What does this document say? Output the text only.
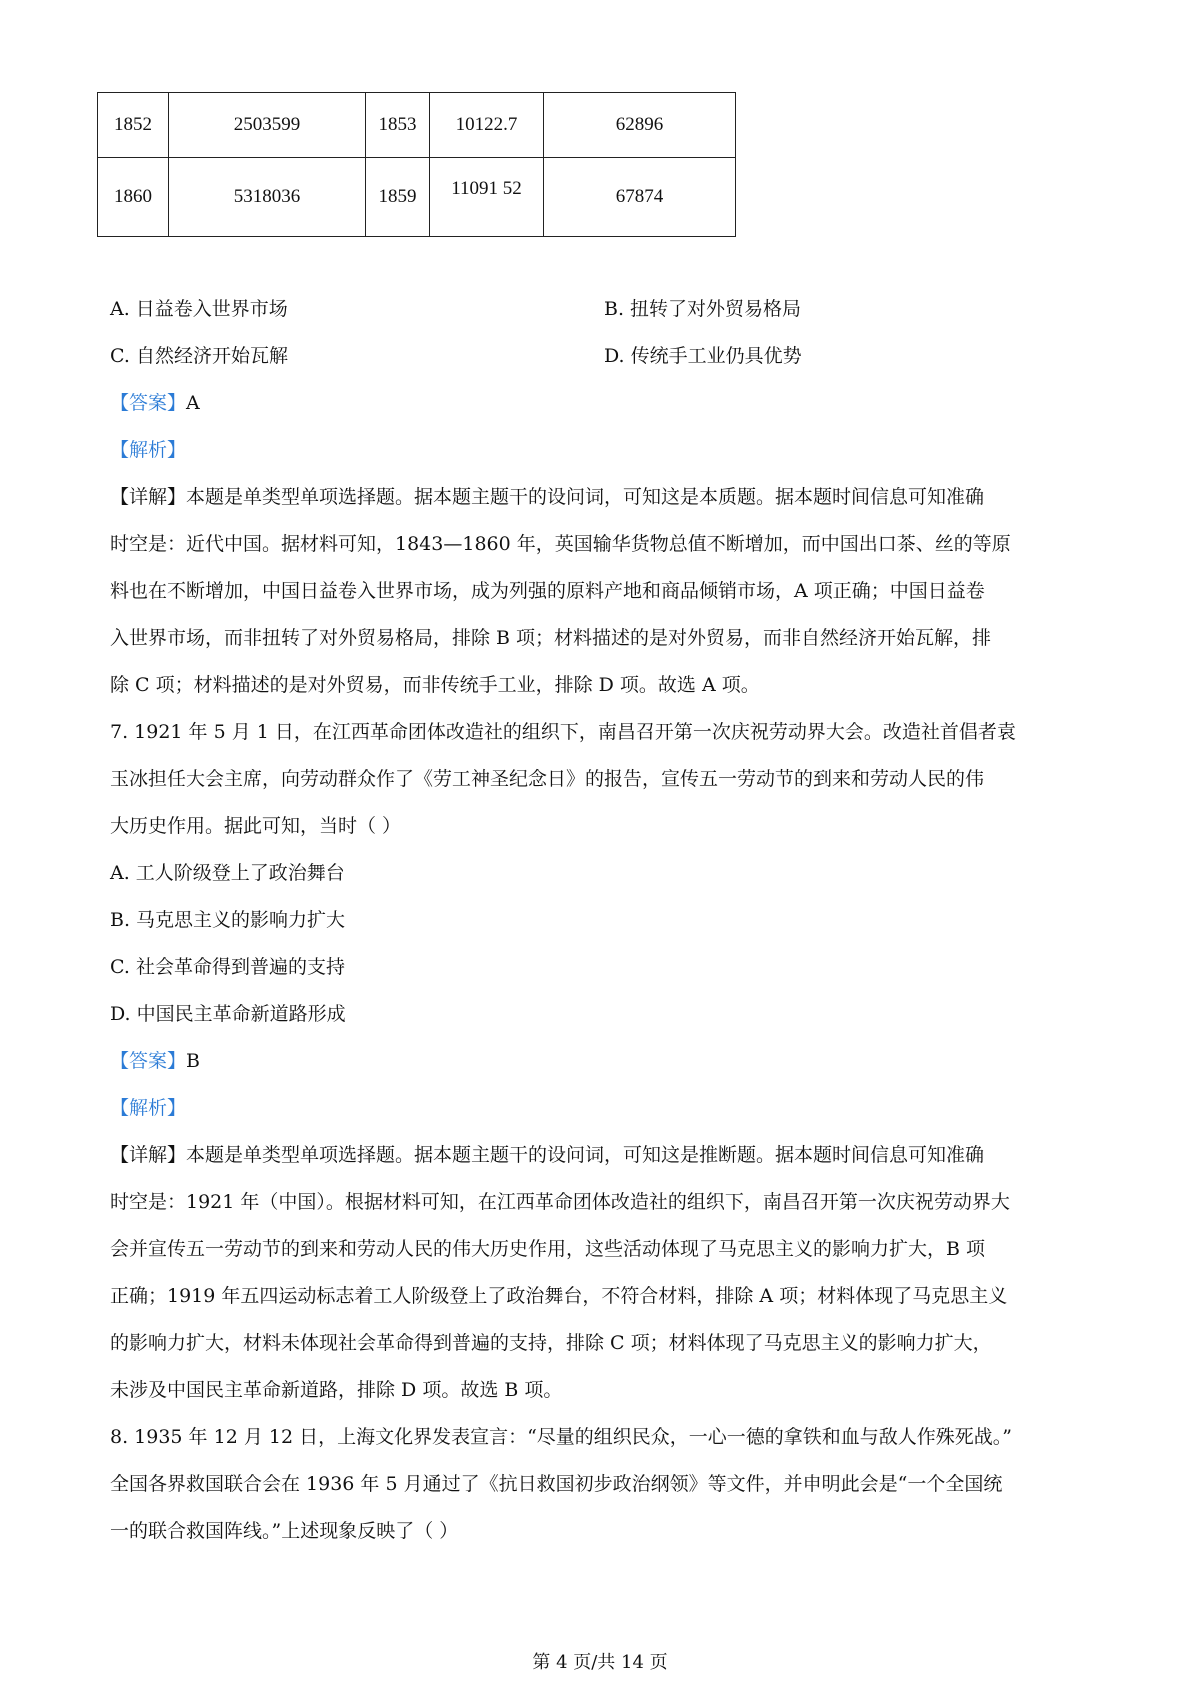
1852	2503599	1853	10122.7	62896
1860	5318036	1859	11091 52	67874
A. 日益卷入世界市场	B. 扭转了对外贸易格局
C. 自然经济开始瓦解	D. 传统手工业仍具优势
【答案】A
【解析】
【详解】本题是单类型单项选择题。据本题主题干的设问词，可知这是本质题。据本题时间信息可知准确
时空是：近代中国。据材料可知，1843—1860 年，英国输华货物总值不断增加，而中国出口茶、丝的等原
料也在不断增加，中国日益卷入世界市场，成为列强的原料产地和商品倾销市场，A 项正确；中国日益卷
入世界市场，而非扭转了对外贸易格局，排除 B 项；材料描述的是对外贸易，而非自然经济开始瓦解，排
除 C 项；材料描述的是对外贸易，而非传统手工业，排除 D 项。故选 A 项。
7. 1921 年 5 月 1 日，在江西革命团体改造社的组织下，南昌召开第一次庆祝劳动界大会。改造社首倡者袁
玉冰担任大会主席，向劳动群众作了《劳工神圣纪念日》的报告，宣传五一劳动节的到来和劳动人民的伟
大历史作用。据此可知，当时（ ）
A. 工人阶级登上了政治舞台
B. 马克思主义的影响力扩大
C. 社会革命得到普遍的支持
D. 中国民主革命新道路形成
【答案】B
【解析】
【详解】本题是单类型单项选择题。据本题主题干的设问词，可知这是推断题。据本题时间信息可知准确
时空是：1921 年（中国）。根据材料可知，在江西革命团体改造社的组织下，南昌召开第一次庆祝劳动界大
会并宣传五一劳动节的到来和劳动人民的伟大历史作用，这些活动体现了马克思主义的影响力扩大，B 项
正确；1919 年五四运动标志着工人阶级登上了政治舞台，不符合材料，排除 A 项；材料体现了马克思主义
的影响力扩大，材料未体现社会革命得到普遍的支持，排除 C 项；材料体现了马克思主义的影响力扩大，
未涉及中国民主革命新道路，排除 D 项。故选 B 项。
8. 1935 年 12 月 12 日，上海文化界发表宣言：“尽量的组织民众，一心一德的拿铁和血与敌人作殊死战。”
全国各界救国联合会在 1936 年 5 月通过了《抗日救国初步政治纲领》等文件，并申明此会是“一个全国统
一的联合救国阵线。”上述现象反映了（ ）
第 4 页/共 14 页
